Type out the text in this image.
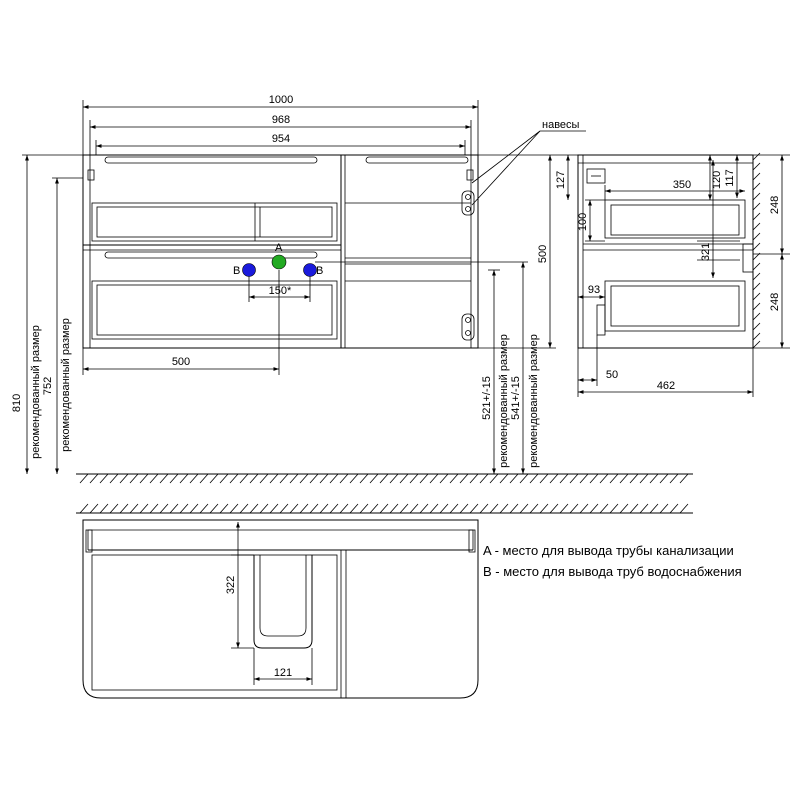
1000
968
954
навесы
810 рекомендованный размер 752 рекомендованный размер
500
521+/-15 рекомендованный размер 541+/-15 рекомендованный размер
500
150*
A
B	B
127	350 120 117
248
248
100
321
93
50
462
322
121
A - место для вывода трубы канализации
B - место для вывода труб водоснабжения
